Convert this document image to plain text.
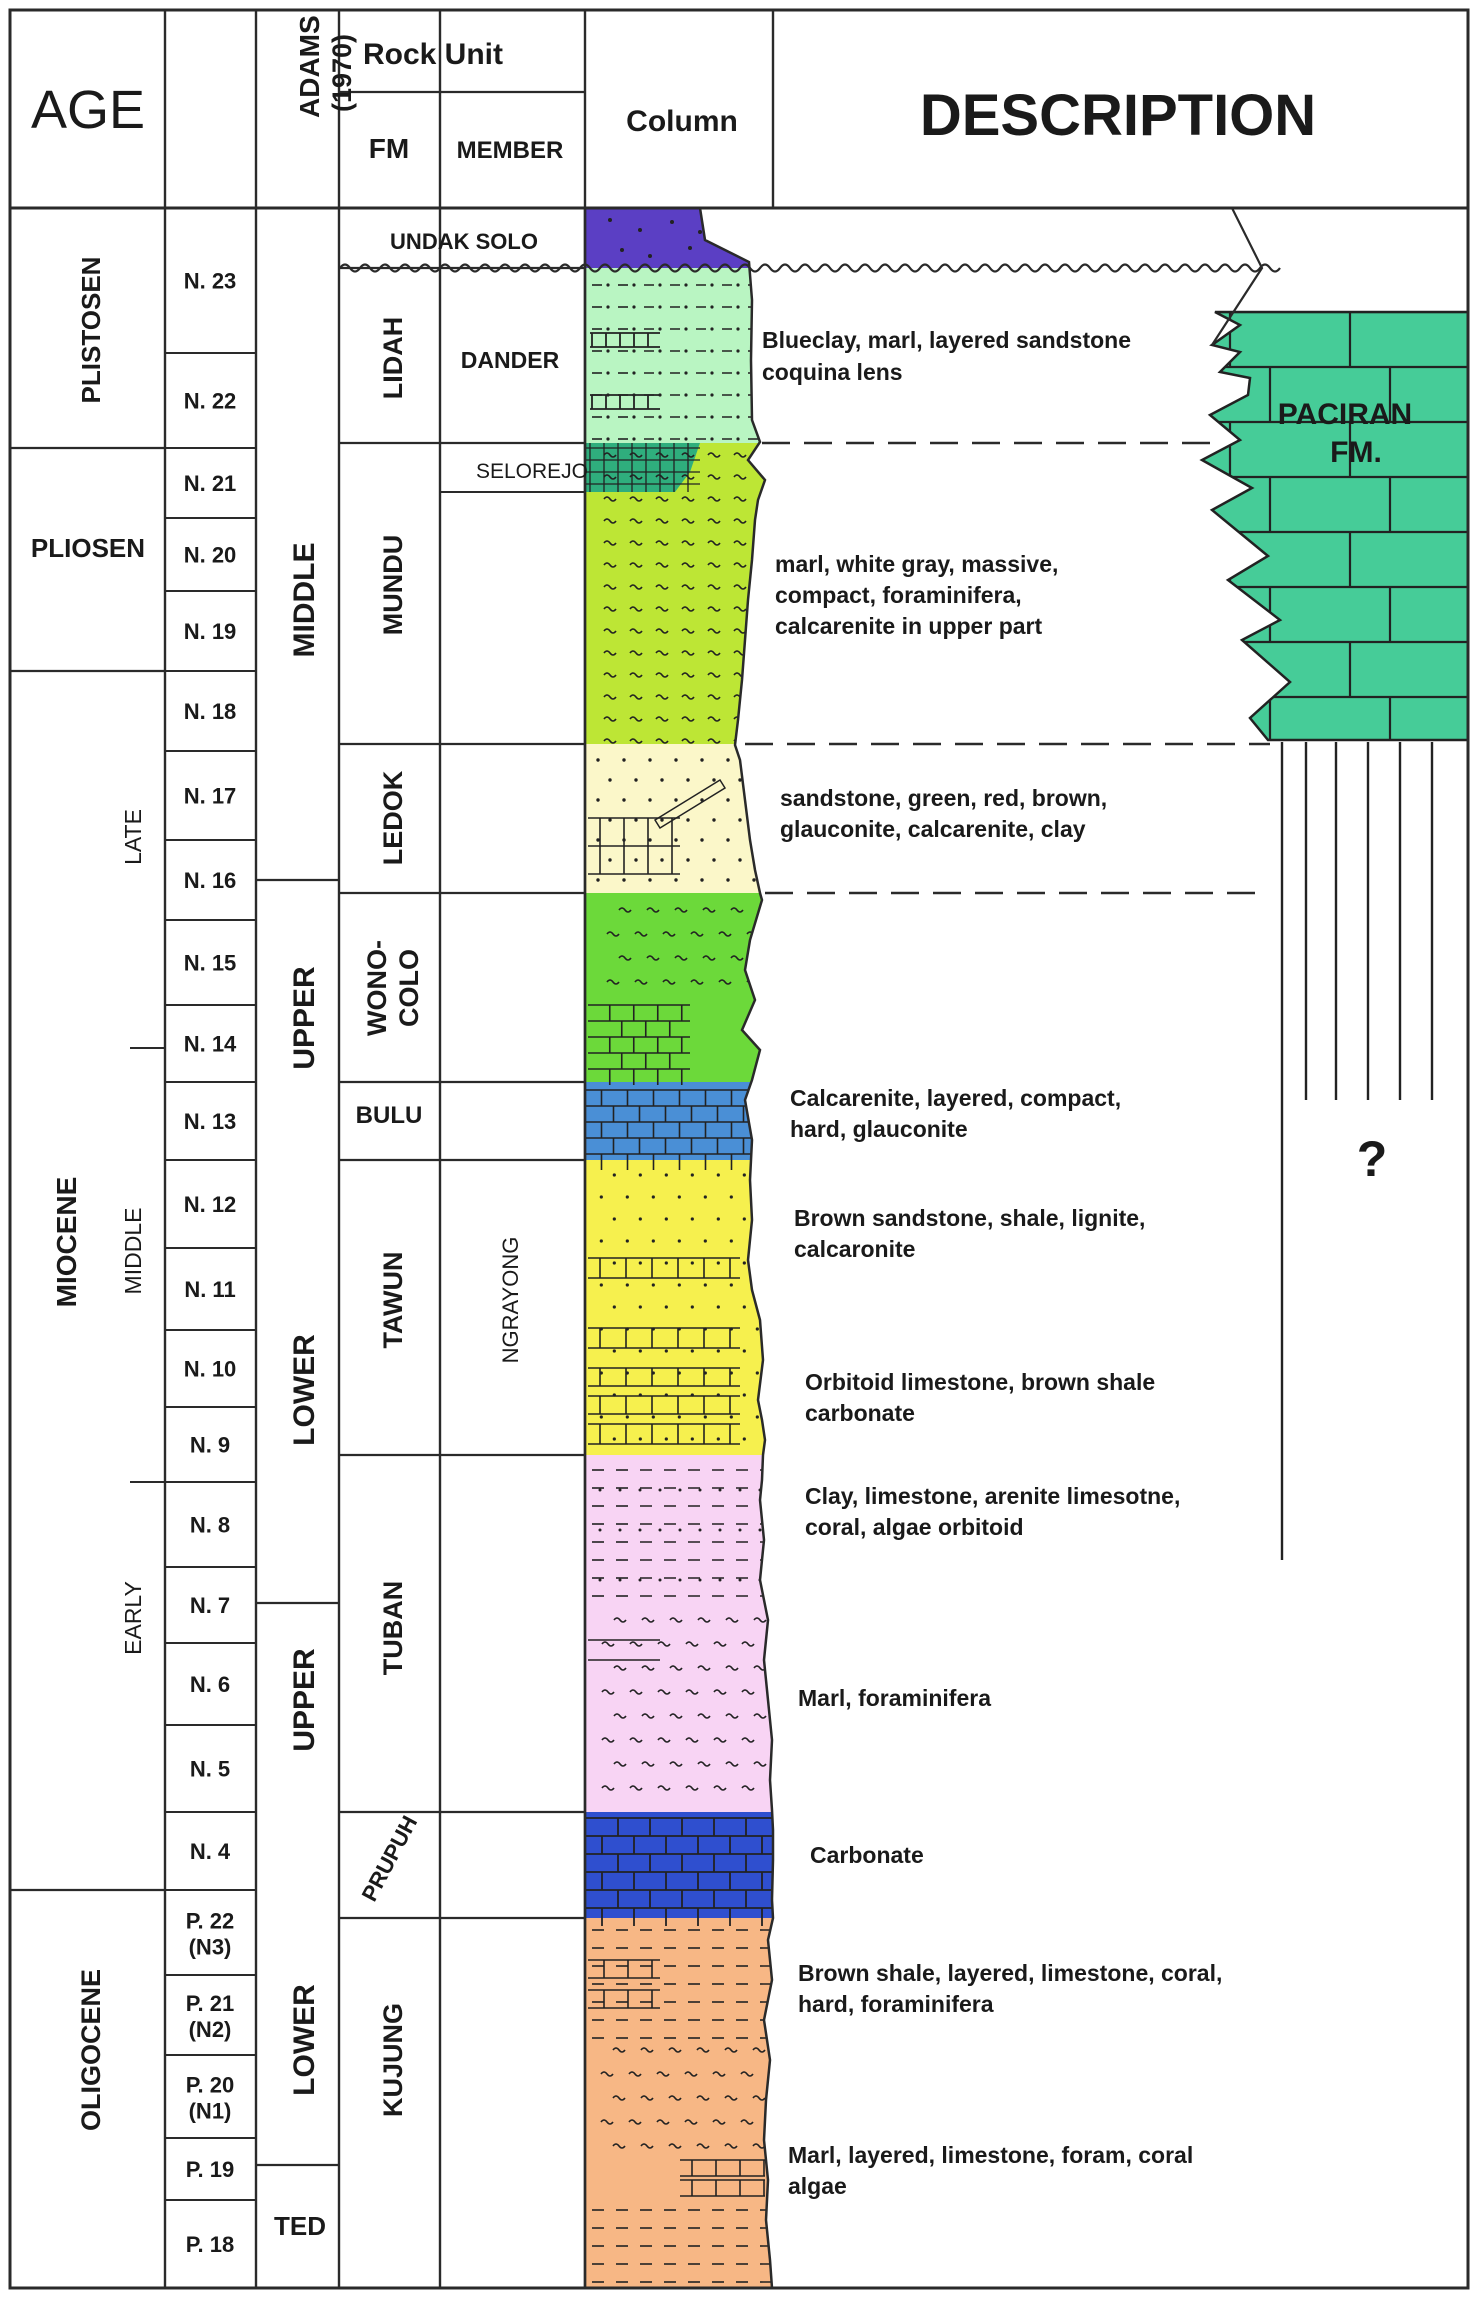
AGE	ADAMS (1970) Rock Unit
FM MEMBER
Column	DESCRIPTION
PLISTOSEN
PLIOSEN
MIOCENE
OLIGOCENE
LATE
MIDDLE
EARLY
N. 23
N. 22
N. 21
N. 20
N. 19
N. 18
N. 17
N. 16
N. 15
N. 14
N. 13
N. 12
N. 11
N. 10
N. 9
N. 8
N. 7
N. 6
N. 5
N. 4
P. 22
(N3)
P. 21
(N2)
P. 20
(N1)
P. 19
P. 18
MIDDLE
UPPER
LOWER
UPPER
LOWER
TED
UNDAK SOLO
LIDAH
MUNDU
LEDOK
WONO- COLO
BULU
TAWUN
TUBAN
PRUPUH
KUJUNG
DANDER
SELOREJO
NGRAYONG
Blueclay, marl, layered sandstone coquina lens
marl, white gray, massive, compact, foraminifera, calcarenite in upper part
sandstone, green, red, brown, glauconite, calcarenite, clay
Calcarenite, layered, compact, hard, glauconite
Brown sandstone, shale, lignite, calcaronite
Orbitoid limestone, brown shale carbonate
Clay, limestone, arenite limesotne, coral, algae orbitoid
Marl, foraminifera
Carbonate
Brown shale, layered, limestone, coral, hard, foraminifera
Marl, layered, limestone, foram, coral algae
PACIRAN
FM.
?
